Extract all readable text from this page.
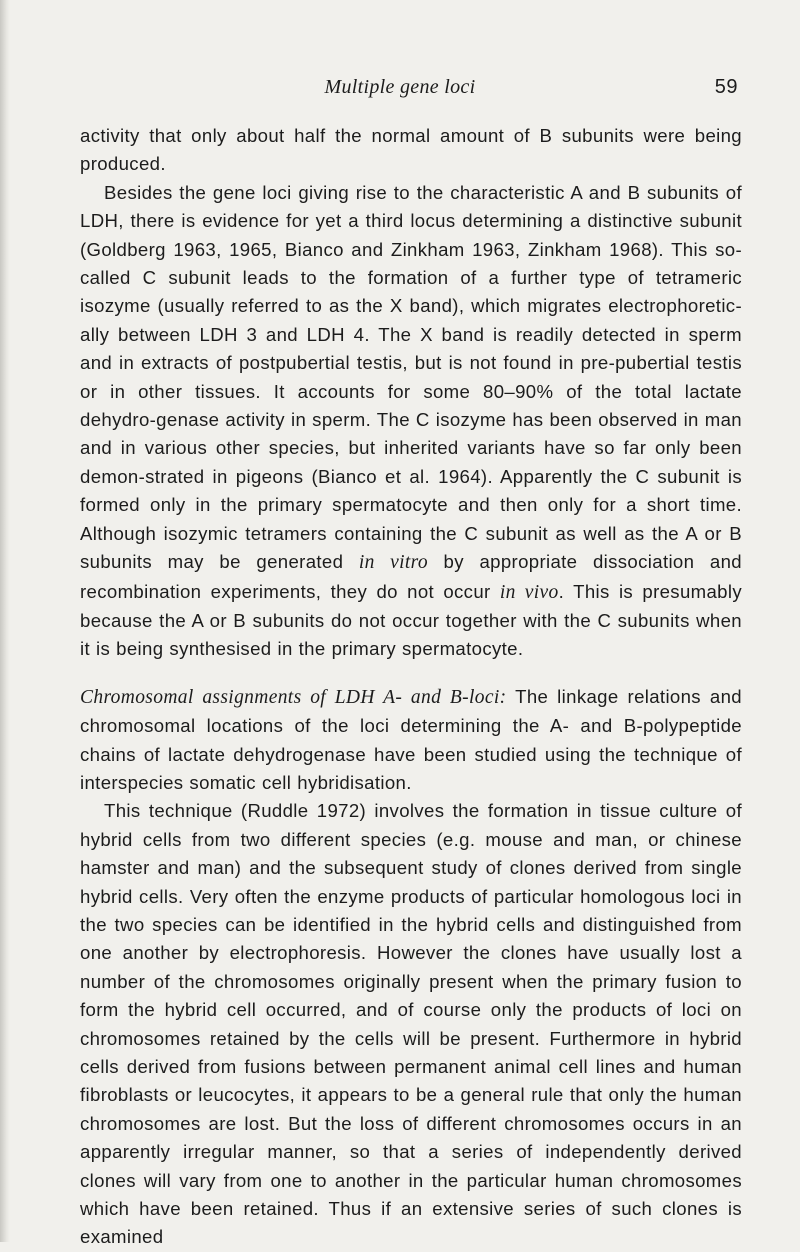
Multiple gene loci	59

activity that only about half the normal amount of B subunits were being produced.

Besides the gene loci giving rise to the characteristic A and B subunits of LDH, there is evidence for yet a third locus determining a distinctive subunit (Goldberg 1963, 1965, Bianco and Zinkham 1963, Zinkham 1968). This so-called C subunit leads to the formation of a further type of tetrameric isozyme (usually referred to as the X band), which migrates electrophoretic-ally between LDH 3 and LDH 4. The X band is readily detected in sperm and in extracts of postpubertial testis, but is not found in pre-pubertial testis or in other tissues. It accounts for some 80–90% of the total lactate dehydro-genase activity in sperm. The C isozyme has been observed in man and in various other species, but inherited variants have so far only been demon-strated in pigeons (Bianco et al. 1964). Apparently the C subunit is formed only in the primary spermatocyte and then only for a short time. Although isozymic tetramers containing the C subunit as well as the A or B subunits may be generated in vitro by appropriate dissociation and recombination experiments, they do not occur in vivo. This is presumably because the A or B subunits do not occur together with the C subunits when it is being synthesised in the primary spermatocyte.

Chromosomal assignments of LDH A- and B-loci: The linkage relations and chromosomal locations of the loci determining the A- and B-polypeptide chains of lactate dehydrogenase have been studied using the technique of interspecies somatic cell hybridisation.

This technique (Ruddle 1972) involves the formation in tissue culture of hybrid cells from two different species (e.g. mouse and man, or chinese hamster and man) and the subsequent study of clones derived from single hybrid cells. Very often the enzyme products of particular homologous loci in the two species can be identified in the hybrid cells and distinguished from one another by electrophoresis. However the clones have usually lost a number of the chromosomes originally present when the primary fusion to form the hybrid cell occurred, and of course only the products of loci on chromosomes retained by the cells will be present. Furthermore in hybrid cells derived from fusions between permanent animal cell lines and human fibroblasts or leucocytes, it appears to be a general rule that only the human chromosomes are lost. But the loss of different chromosomes occurs in an apparently irregular manner, so that a series of independently derived clones will vary from one to another in the particular human chromosomes which have been retained. Thus if an extensive series of such clones is examined
